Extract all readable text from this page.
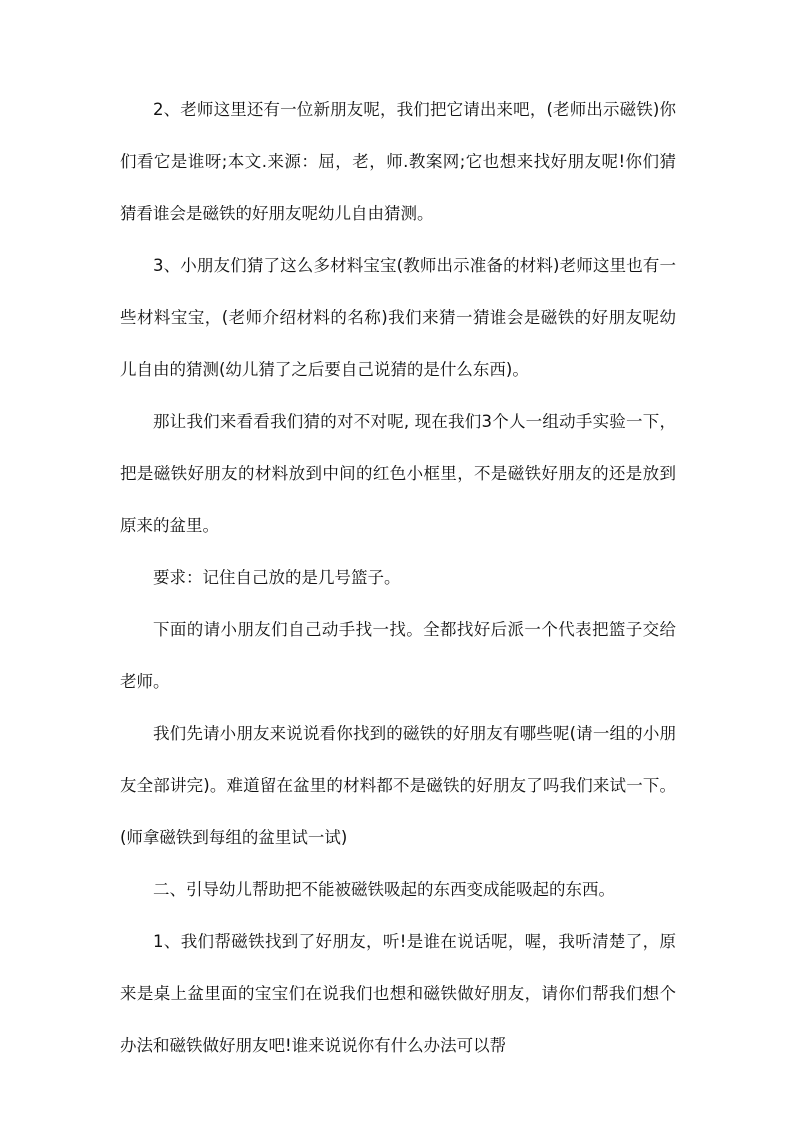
2、老师这里还有一位新朋友呢，我们把它请出来吧，(老师出示磁铁)你们看它是谁呀;本文.来源：屈，老，师.教案网;它也想来找好朋友呢!你们猜猜看谁会是磁铁的好朋友呢幼儿自由猜测。

3、小朋友们猜了这么多材料宝宝(教师出示准备的材料)老师这里也有一些材料宝宝，(老师介绍材料的名称)我们来猜一猜谁会是磁铁的好朋友呢幼儿自由的猜测(幼儿猜了之后要自己说猜的是什么东西)。

那让我们来看看我们猜的对不对呢, 现在我们3个人一组动手实验一下，把是磁铁好朋友的材料放到中间的红色小框里，不是磁铁好朋友的还是放到原来的盆里。

要求：记住自己放的是几号篮子。

下面的请小朋友们自己动手找一找。全都找好后派一个代表把篮子交给老师。

我们先请小朋友来说说看你找到的磁铁的好朋友有哪些呢(请一组的小朋友全部讲完)。难道留在盆里的材料都不是磁铁的好朋友了吗我们来试一下。(师拿磁铁到每组的盆里试一试)

二、引导幼儿帮助把不能被磁铁吸起的东西变成能吸起的东西。

1、我们帮磁铁找到了好朋友，听!是谁在说话呢，喔，我听清楚了，原来是桌上盆里面的宝宝们在说我们也想和磁铁做好朋友，请你们帮我们想个办法和磁铁做好朋友吧!谁来说说你有什么办法可以帮
